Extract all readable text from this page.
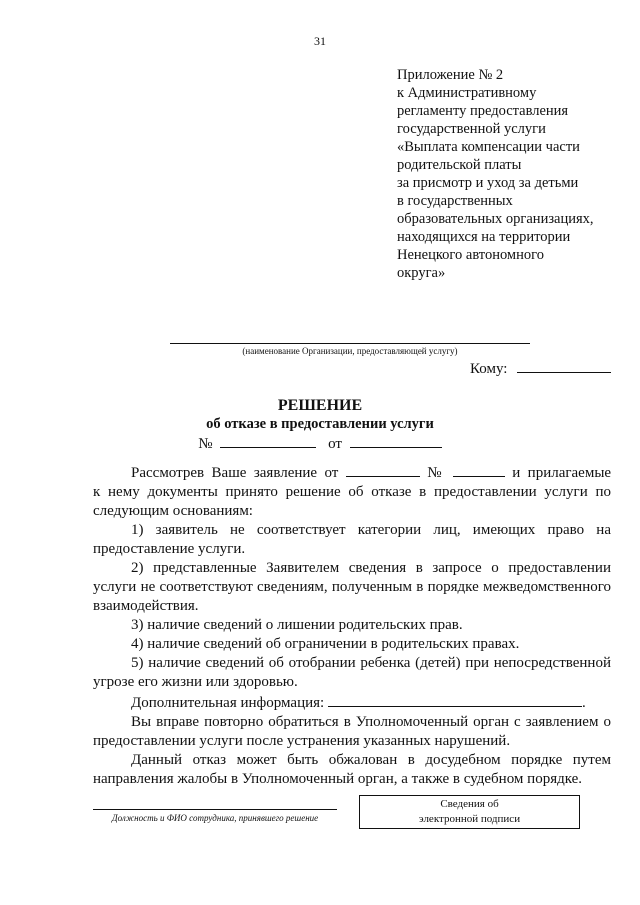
31
Приложение № 2
к Административному
регламенту предоставления
государственной услуги
«Выплата компенсации части
родительской платы
за присмотр и уход за детьми
в государственных
образовательных организациях,
находящихся на территории
Ненецкого автономного
округа»
(наименование Организации, предоставляющей услугу)
Кому:
РЕШЕНИЕ
об отказе в предоставлении услуги
№	от

Рассмотрев Ваше заявление от	№	и прилагаемые

к нему документы принято решение об отказе в предоставлении услуги по следующим основаниям:

1) заявитель не соответствует категории лиц, имеющих право на предоставление услуги.

2) представленные Заявителем сведения в запросе о предоставлении услуги не соответствуют сведениям, полученным в порядке межведомственного взаимодействия.

3) наличие сведений о лишении родительских прав.

4) наличие сведений об ограничении в родительских правах.

5) наличие сведений об отобрании ребенка (детей) при непосредственной угрозе его жизни или здоровью.

Дополнительная информация:	.

Вы вправе повторно обратиться в Уполномоченный орган с заявлением о предоставлении услуги после устранения указанных нарушений.

Данный отказ может быть обжалован в досудебном порядке путем направления жалобы в Уполномоченный орган, а также в судебном порядке.

Должность и ФИО сотрудника, принявшего решение
Сведения об
электронной подписи
